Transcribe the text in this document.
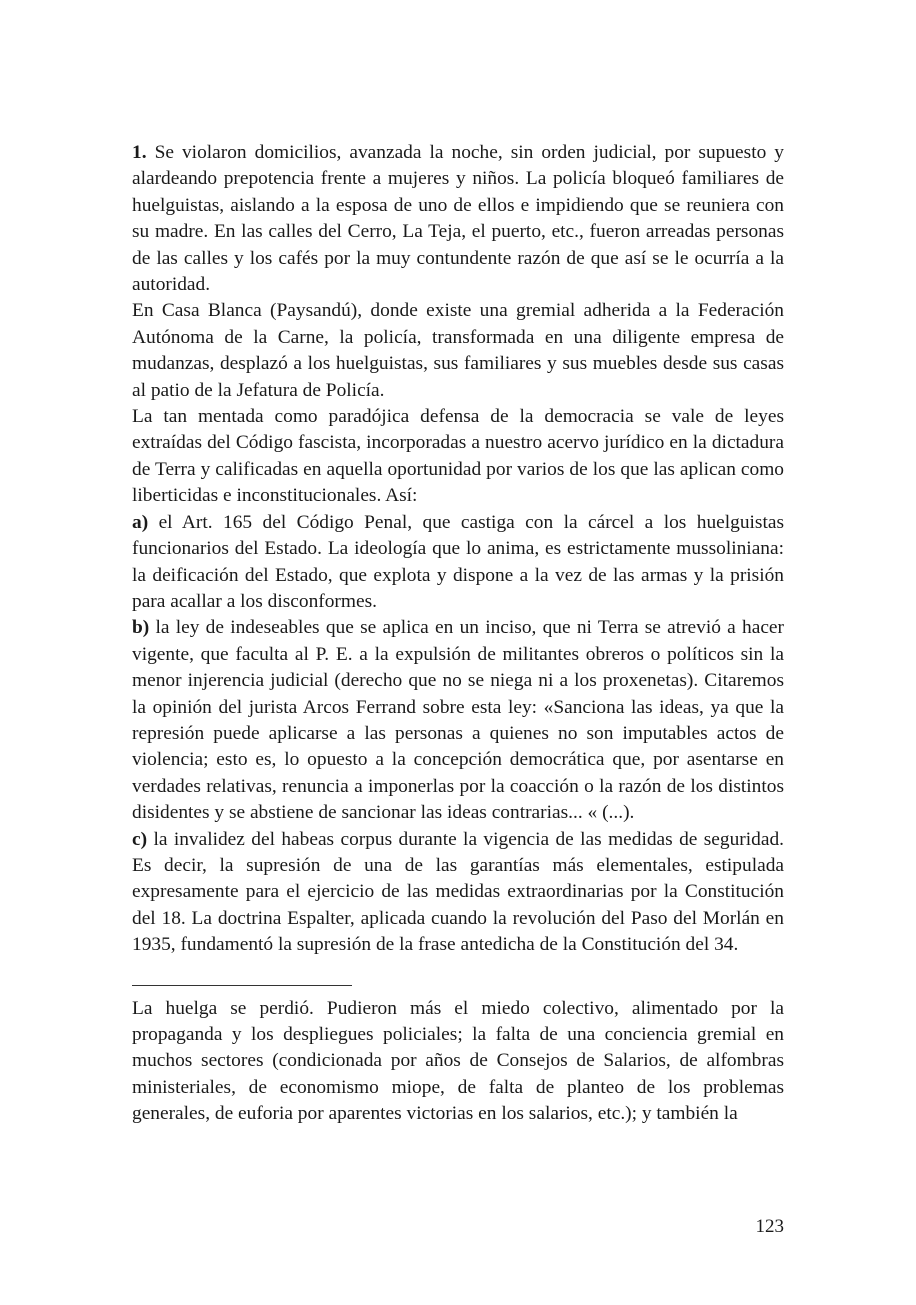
1. Se violaron domicilios, avanzada la noche, sin orden judicial, por supuesto y alardeando prepotencia frente a mujeres y niños. La policía bloqueó familiares de huelguistas, aislando a la esposa de uno de ellos e impidiendo que se reuniera con su madre. En las calles del Cerro, La Teja, el puerto, etc., fueron arreadas personas de las calles y los cafés por la muy contundente razón de que así se le ocurría a la autoridad.

En Casa Blanca (Paysandú), donde existe una gremial adherida a la Federación Autónoma de la Carne, la policía, transformada en una diligente empresa de mudanzas, desplazó a los huelguistas, sus familiares y sus muebles desde sus casas al patio de la Jefatura de Policía.

La tan mentada como paradójica defensa de la democracia se vale de leyes extraídas del Código fascista, incorporadas a nuestro acervo jurídico en la dictadura de Terra y calificadas en aquella oportunidad por varios de los que las aplican como liberticidas e inconstitucionales. Así:

a) el Art. 165 del Código Penal, que castiga con la cárcel a los huelguistas funcionarios del Estado. La ideología que lo anima, es estrictamente mussoliniana: la deificación del Estado, que explota y dispone a la vez de las armas y la prisión para acallar a los disconformes.

b) la ley de indeseables que se aplica en un inciso, que ni Terra se atrevió a hacer vigente, que faculta al P. E. a la expulsión de militantes obreros o políticos sin la menor injerencia judicial (derecho que no se niega ni a los proxenetas). Citaremos la opinión del jurista Arcos Ferrand sobre esta ley: «Sanciona las ideas, ya que la represión puede aplicarse a las personas a quienes no son imputables actos de violencia; esto es, lo opuesto a la concepción democrática que, por asentarse en verdades relativas, renuncia a imponerlas por la coacción o la razón de los distintos disidentes y se abstiene de sancionar las ideas contrarias... « (...).

c) la invalidez del habeas corpus durante la vigencia de las medidas de seguridad. Es decir, la supresión de una de las garantías más elementales, estipulada expresamente para el ejercicio de las medidas extraordinarias por la Constitución del 18. La doctrina Espalter, aplicada cuando la revolución del Paso del Morlán en 1935, fundamentó la supresión de la frase antedicha de la Constitución del 34.

La huelga se perdió. Pudieron más el miedo colectivo, alimentado por la propaganda y los despliegues policiales; la falta de una conciencia gremial en muchos sectores (condicionada por años de Consejos de Salarios, de alfombras ministeriales, de economismo miope, de falta de planteo de los problemas generales, de euforia por aparentes victorias en los salarios, etc.); y también la

123
